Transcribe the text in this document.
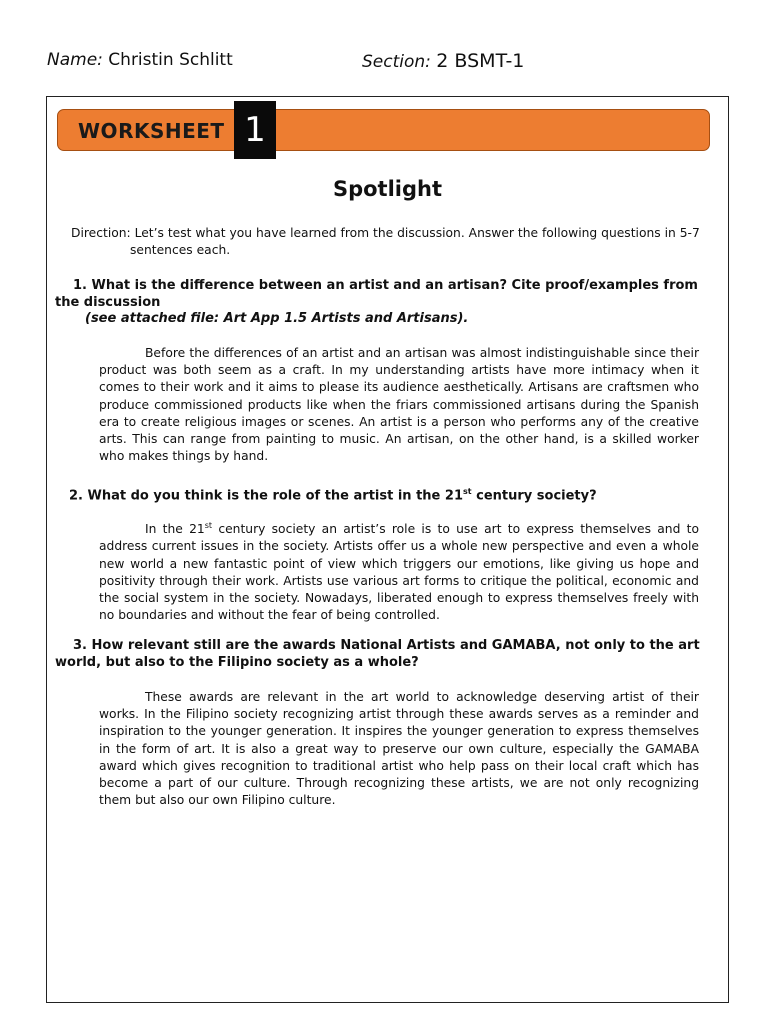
Name: Christin Schlitt	Section: 2 BSMT-1
WORKSHEET 1
Spotlight
Direction: Let’s test what you have learned from the discussion. Answer the following questions in 5-7 sentences each.
1. What is the difference between an artist and an artisan? Cite proof/examples from the discussion
(see attached file: Art App 1.5 Artists and Artisans).
Before the differences of an artist and an artisan was almost indistinguishable since their product was both seem as a craft. In my understanding artists have more intimacy when it comes to their work and it aims to please its audience aesthetically. Artisans are craftsmen who produce commissioned products like when the friars commissioned artisans during the Spanish era to create religious images or scenes. An artist is a person who performs any of the creative arts. This can range from painting to music. An artisan, on the other hand, is a skilled worker who makes things by hand.
2. What do you think is the role of the artist in the 21st century society?
In the 21st century society an artist’s role is to use art to express themselves and to address current issues in the society. Artists offer us a whole new perspective and even a whole new world a new fantastic point of view which triggers our emotions, like giving us hope and positivity through their work. Artists use various art forms to critique the political, economic and the social system in the society. Nowadays, liberated enough to express themselves freely with no boundaries and without the fear of being controlled.
3. How relevant still are the awards National Artists and GAMABA, not only to the art world, but also to the Filipino society as a whole?
These awards are relevant in the art world to acknowledge deserving artist of their works. In the Filipino society recognizing artist through these awards serves as a reminder and inspiration to the younger generation. It inspires the younger generation to express themselves in the form of art. It is also a great way to preserve our own culture, especially the GAMABA award which gives recognition to traditional artist who help pass on their local craft which has become a part of our culture. Through recognizing these artists, we are not only recognizing them but also our own Filipino culture.
